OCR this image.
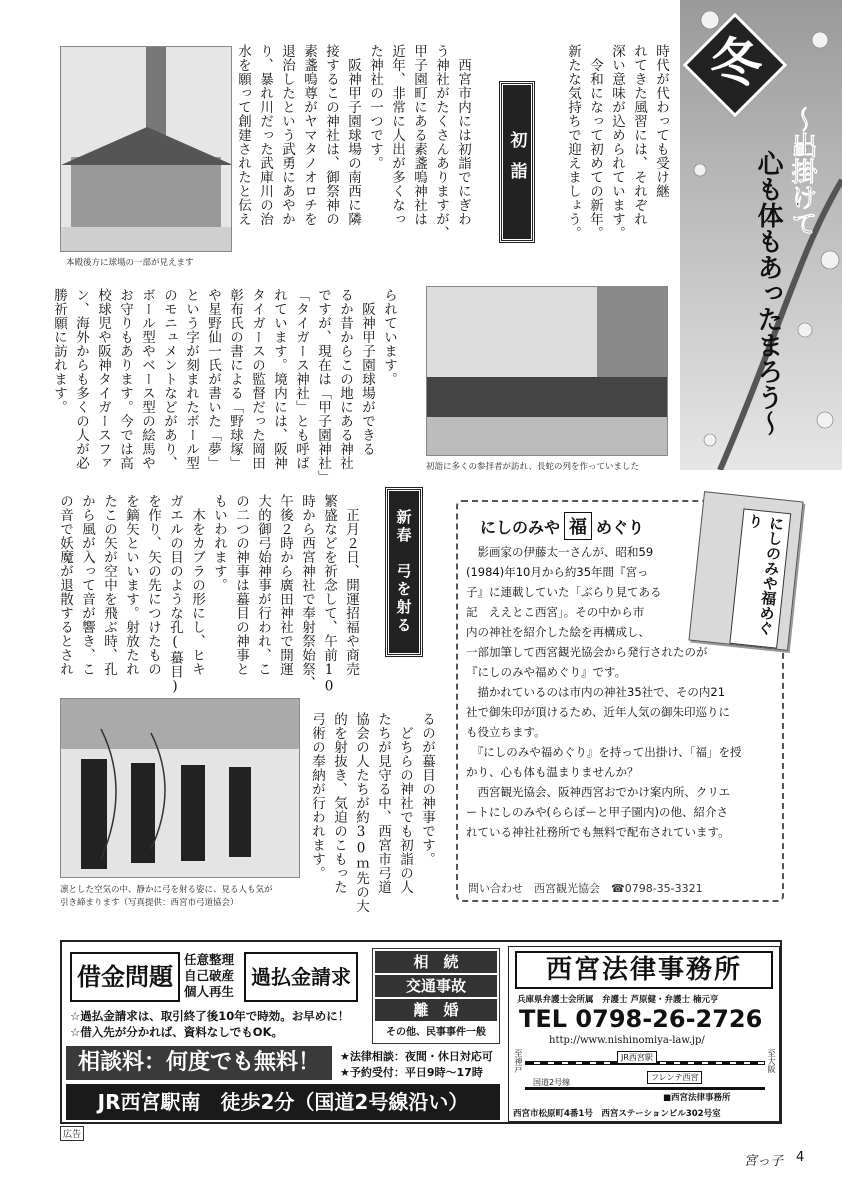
冬
～出掛けて
心も体もあったまろう～
時代が代わっても受け継
れてきた風習には、それぞれ
深い意味が込められています。
　令和になって初めての新年。
新たな気持ちで迎えましょう。
初詣
　西宮市内には初詣でにぎわ
う神社がたくさんありますが、
甲子園町にある素盞嗚神社は
近年、非常に人出が多くなっ
た神社の一つです。
　阪神甲子園球場の南西に隣
接するこの神社は、御祭神の
素盞嗚尊がヤマタノオロチを
退治したという武勇にあやか
り、暴れ川だった武庫川の治
水を願って創建されたと伝え
本殿後方に球場の一部が見えます
初詣に多くの参拝者が訪れ、長蛇の列を作っていました
られています。
　阪神甲子園球場ができる
るか昔からこの地にある神社
ですが、現在は「甲子園神社」
「タイガース神社」とも呼ば
れています。境内には、阪神
タイガースの監督だった岡田
彰布氏の書による「野球塚」
や星野仙一氏が書いた「夢」
という字が刻まれたボール型
のモニュメントなどがあり、
ボール型やベース型の絵馬や
お守りもあります。今では高
校球児や阪神タイガースファ
ン、海外からも多くの人が必
勝祈願に訪れます。
新春　弓を射る
　正月２日、開運招福や商売
繁盛などを祈念して、午前10
時から西宮神社で奉射祭始祭、
午後２時から廣田神社で開運
大的御弓始神事が行われ、こ
の二つの神事は蟇目の神事と
もいわれます。
　木をカブラの形にし、ヒキ
ガエルの目のような孔(蟇目)
を作り、矢の先につけたもの
を鏑矢といいます。射放たれ
たこの矢が空中を飛ぶ時、孔
から風が入って音が響き、こ
の音で妖魔が退散するとされ
凛とした空気の中、静かに弓を射る姿に、見る人も気が
引き締まります（写真提供：西宮市弓道協会）
るのが蟇目の神事です。
　どちらの神社でも初詣の人
たちが見守る中、西宮市弓道
協会の人たちが約30ｍ先の大
的を射抜き、気迫のこもった
弓術の奉納が行われます。
にしのみや 福 めぐり
　影画家の伊藤太一さんが、昭和59
(1984)年10月から約35年間『宮っ
子』に連載していた「ぶらり見てある
記　ええとこ西宮」。その中から市
内の神社を紹介した絵を再構成し、
一部加筆して西宮観光協会から発行されたのが
『にしのみや福めぐり』です。
　描かれているのは市内の神社35社で、その内21
社で御朱印が頂けるため、近年人気の御朱印巡りに
も役立ちます。
　『にしのみや福めぐり』を持って出掛け、「福」を授
かり、心も体も温まりませんか？
　西宮観光協会、阪神西宮おでかけ案内所、クリエ
ートにしのみや(ららぽーと甲子園内)の他、紹介さ
れている神社社務所でも無料で配布されています。
問い合わせ　西宮観光協会　☎0798-35-3321
にしのみや福めぐり
借金問題
任意整理
自己破産
個人再生
過払金請求
☆過払金請求は、取引終了後10年で時効。お早めに！
☆借入先が分かれば、資料なしでもOK。
相談料：何度でも無料！	★法律相談：夜間・休日対応可
★予約受付：平日9時～17時
JR西宮駅南　徒歩2分（国道2号線沿い）
相　続
交通事故
離　婚
その他、民事事件一般
西宮法律事務所
兵庫県弁護士会所属　弁護士 芦原健・弁護士 楠元亨
TEL 0798-26-2726
http://www.nishinomiya-law.jp/
至神戸	至大阪
JR西宮駅
フレンテ西宮
国道2号線
■西宮法律事務所
西宮市松原町4番1号　西宮ステーションビル302号室
広告
宮っ子 4
